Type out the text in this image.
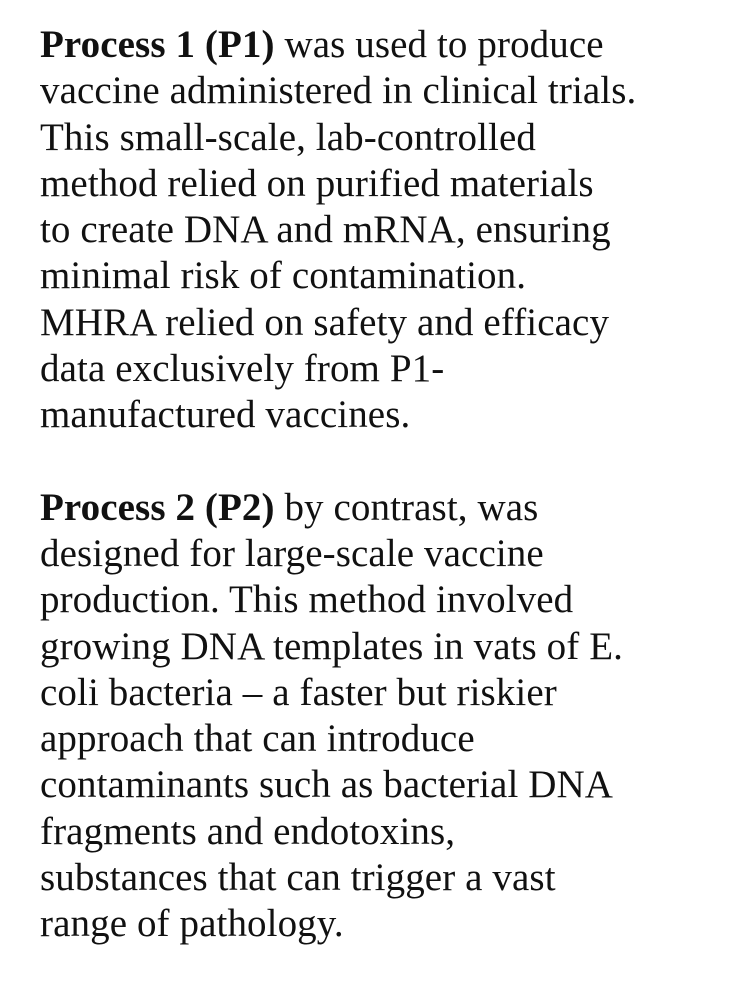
Process 1 (P1) was used to produce
vaccine administered in clinical trials.
This small-scale, lab-controlled
method relied on purified materials
to create DNA and mRNA, ensuring
minimal risk of contamination.
MHRA relied on safety and efficacy
data exclusively from P1-
manufactured vaccines.

Process 2 (P2) by contrast, was
designed for large-scale vaccine
production. This method involved
growing DNA templates in vats of E.
coli bacteria – a faster but riskier
approach that can introduce
contaminants such as bacterial DNA
fragments and endotoxins,
substances that can trigger a vast
range of pathology.
